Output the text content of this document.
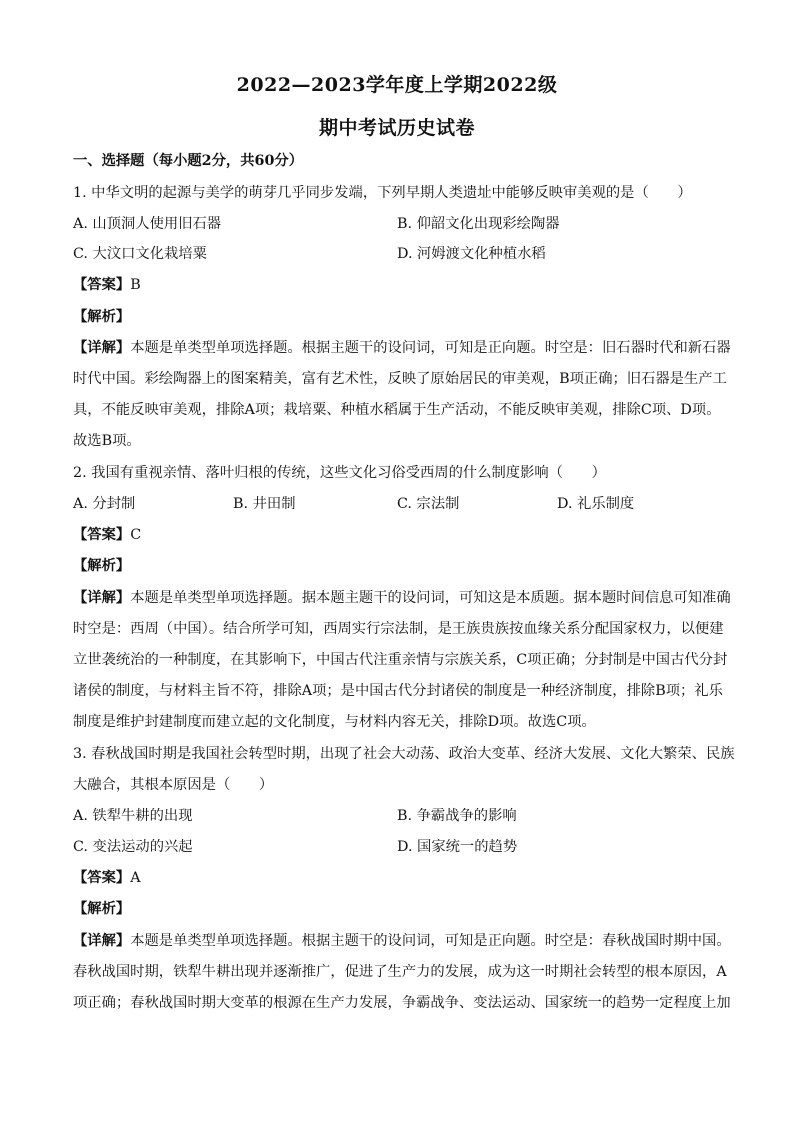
2022—2023学年度上学期2022级
期中考试历史试卷
一、选择题（每小题2分，共60分）
1. 中华文明的起源与美学的萌芽几乎同步发端，下列早期人类遗址中能够反映审美观的是（　　）
A. 山顶洞人使用旧石器	B. 仰韶文化出现彩绘陶器
C. 大汶口文化栽培粟	D. 河姆渡文化种植水稻
【答案】B
【解析】
【详解】本题是单类型单项选择题。根据主题干的设问词，可知是正向题。时空是：旧石器时代和新石器
时代中国。彩绘陶器上的图案精美，富有艺术性，反映了原始居民的审美观，B项正确；旧石器是生产工
具，不能反映审美观，排除A项；栽培粟、种植水稻属于生产活动，不能反映审美观，排除C项、D项。
故选B项。
2. 我国有重视亲情、落叶归根的传统，这些文化习俗受西周的什么制度影响（　　）
A. 分封制	B. 井田制	C. 宗法制	D. 礼乐制度
【答案】C
【解析】
【详解】本题是单类型单项选择题。据本题主题干的设问词，可知这是本质题。据本题时间信息可知准确
时空是：西周（中国）。结合所学可知，西周实行宗法制，是王族贵族按血缘关系分配国家权力，以便建
立世袭统治的一种制度，在其影响下，中国古代注重亲情与宗族关系，C项正确；分封制是中国古代分封
诸侯的制度，与材料主旨不符，排除A项；是中国古代分封诸侯的制度是一种经济制度，排除B项；礼乐
制度是维护封建制度而建立起的文化制度，与材料内容无关，排除D项。故选C项。
3. 春秋战国时期是我国社会转型时期，出现了社会大动荡、政治大变革、经济大发展、文化大繁荣、民族
大融合，其根本原因是（　　）
A. 铁犁牛耕的出现	B. 争霸战争的影响
C. 变法运动的兴起	D. 国家统一的趋势
【答案】A
【解析】
【详解】本题是单类型单项选择题。根据主题干的设问词，可知是正向题。时空是：春秋战国时期中国。
春秋战国时期，铁犁牛耕出现并逐渐推广，促进了生产力的发展，成为这一时期社会转型的根本原因，A
项正确；春秋战国时期大变革的根源在生产力发展，争霸战争、变法运动、国家统一的趋势一定程度上加
